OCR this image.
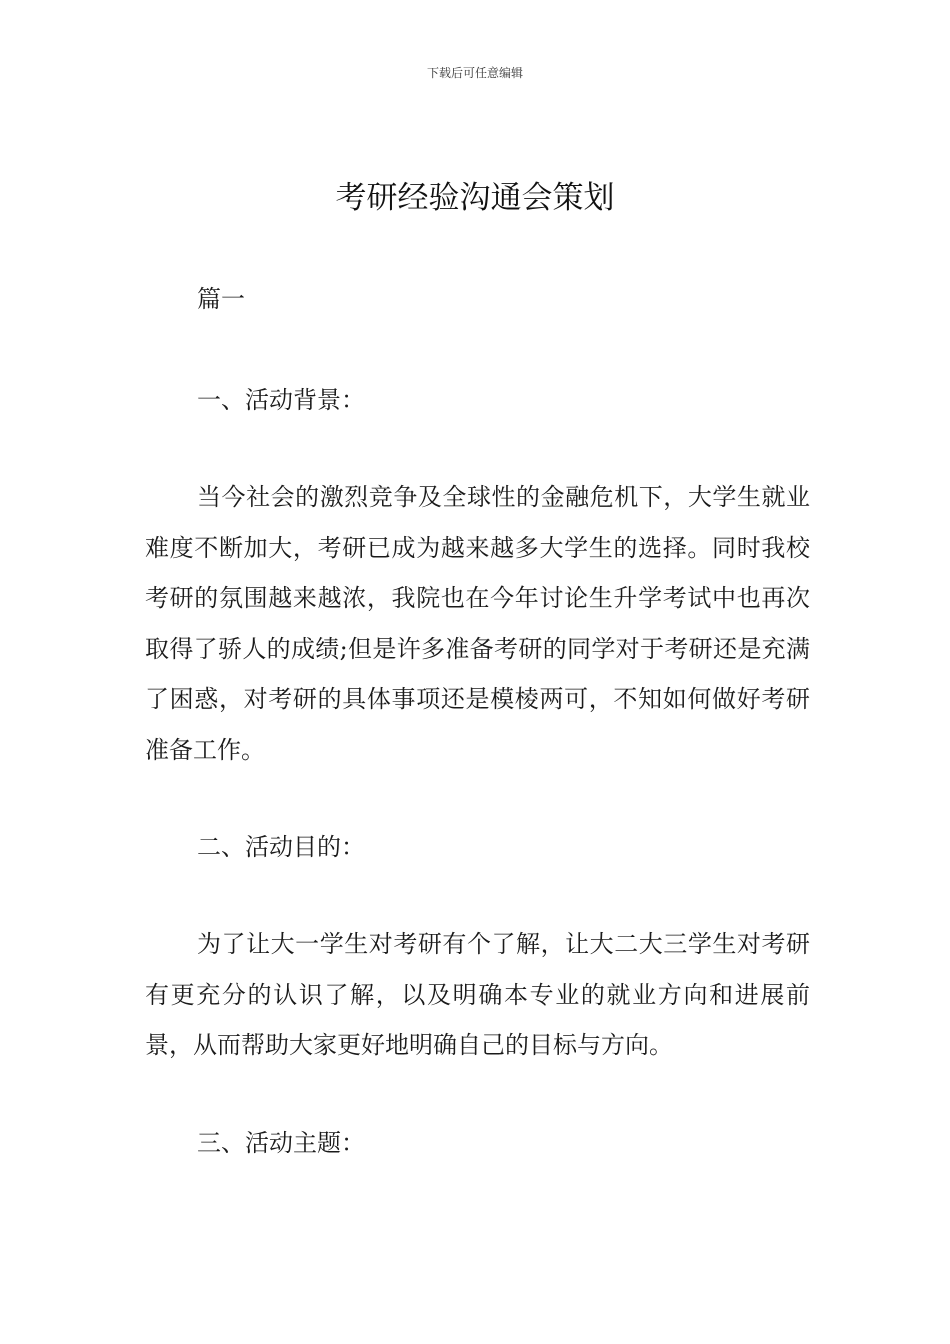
下载后可任意编辑
考研经验沟通会策划

篇一

一、活动背景：

当今社会的激烈竞争及全球性的金融危机下，大学生就业难度不断加大，考研已成为越来越多大学生的选择。同时我校考研的氛围越来越浓，我院也在今年讨论生升学考试中也再次取得了骄人的成绩;但是许多准备考研的同学对于考研还是充满了困惑，对考研的具体事项还是模棱两可，不知如何做好考研准备工作。

二、活动目的：

为了让大一学生对考研有个了解，让大二大三学生对考研有更充分的认识了解，以及明确本专业的就业方向和进展前景，从而帮助大家更好地明确自己的目标与方向。

三、活动主题：
